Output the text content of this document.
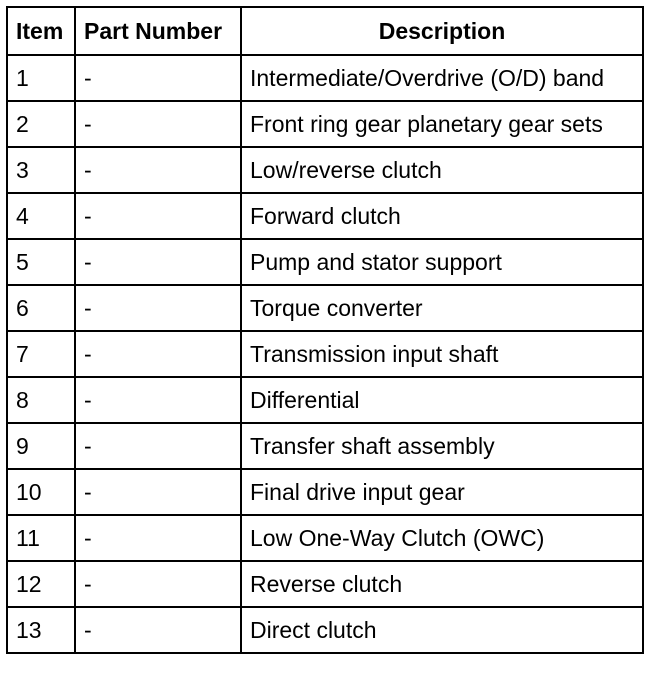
Item	Part Number	Description
1	-	Intermediate/Overdrive (O/D) band
2	-	Front ring gear planetary gear sets
3	-	Low/reverse clutch
4	-	Forward clutch
5	-	Pump and stator support
6	-	Torque converter
7	-	Transmission input shaft
8	-	Differential
9	-	Transfer shaft assembly
10	-	Final drive input gear
11	-	Low One-Way Clutch (OWC)
12	-	Reverse clutch
13	-	Direct clutch
